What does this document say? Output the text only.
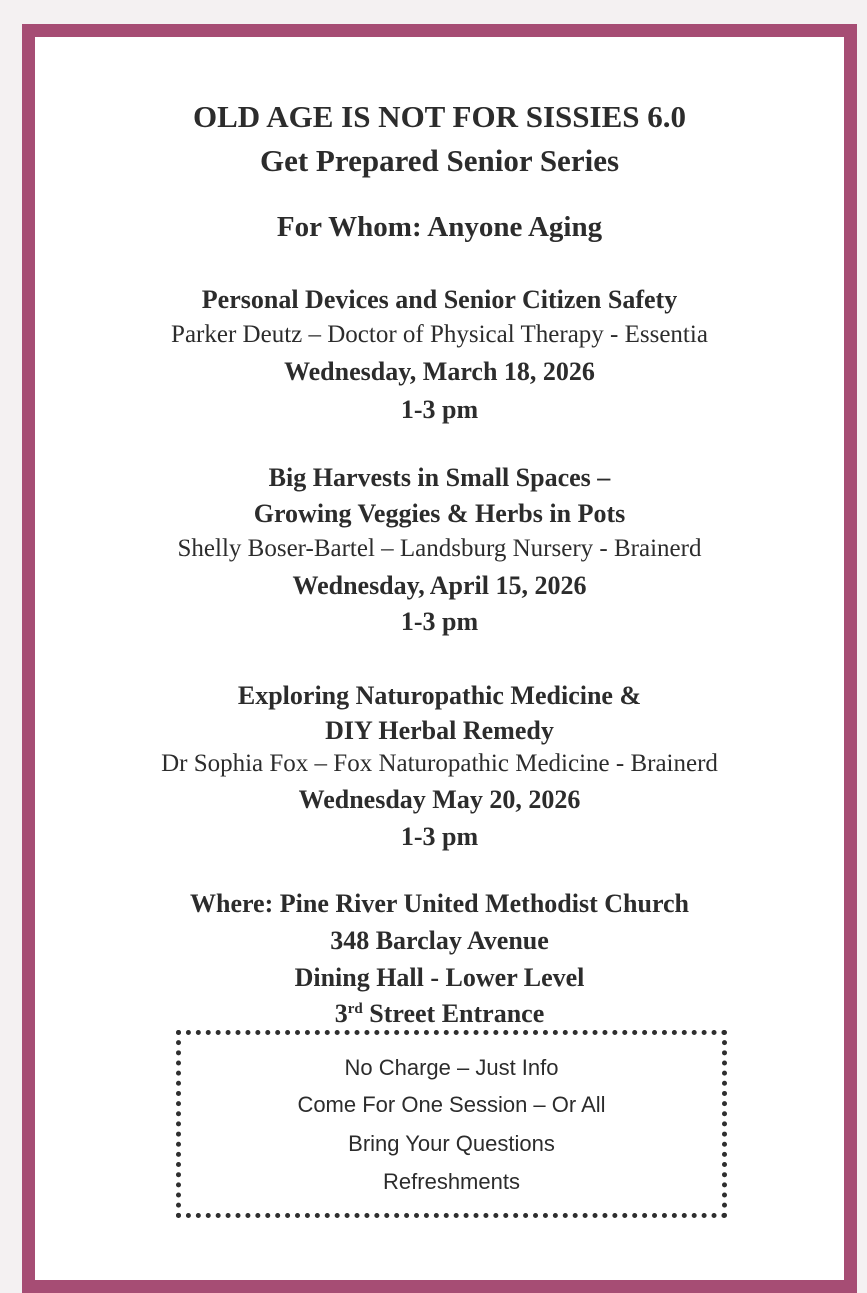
OLD AGE IS NOT FOR SISSIES 6.0
Get Prepared Senior Series
For Whom: Anyone Aging
Personal Devices and Senior Citizen Safety
Parker Deutz – Doctor of Physical Therapy - Essentia
Wednesday, March 18, 2026
1-3 pm
Big Harvests in Small Spaces –
Growing Veggies & Herbs in Pots
Shelly Boser-Bartel – Landsburg Nursery - Brainerd
Wednesday, April 15, 2026
1-3 pm
Exploring Naturopathic Medicine &
DIY Herbal Remedy
Dr Sophia Fox – Fox Naturopathic Medicine - Brainerd
Wednesday May 20, 2026
1-3 pm
Where: Pine River United Methodist Church
348 Barclay Avenue
Dining Hall - Lower Level
3rd Street Entrance
No Charge – Just Info
Come For One Session – Or All
Bring Your Questions
Refreshments
